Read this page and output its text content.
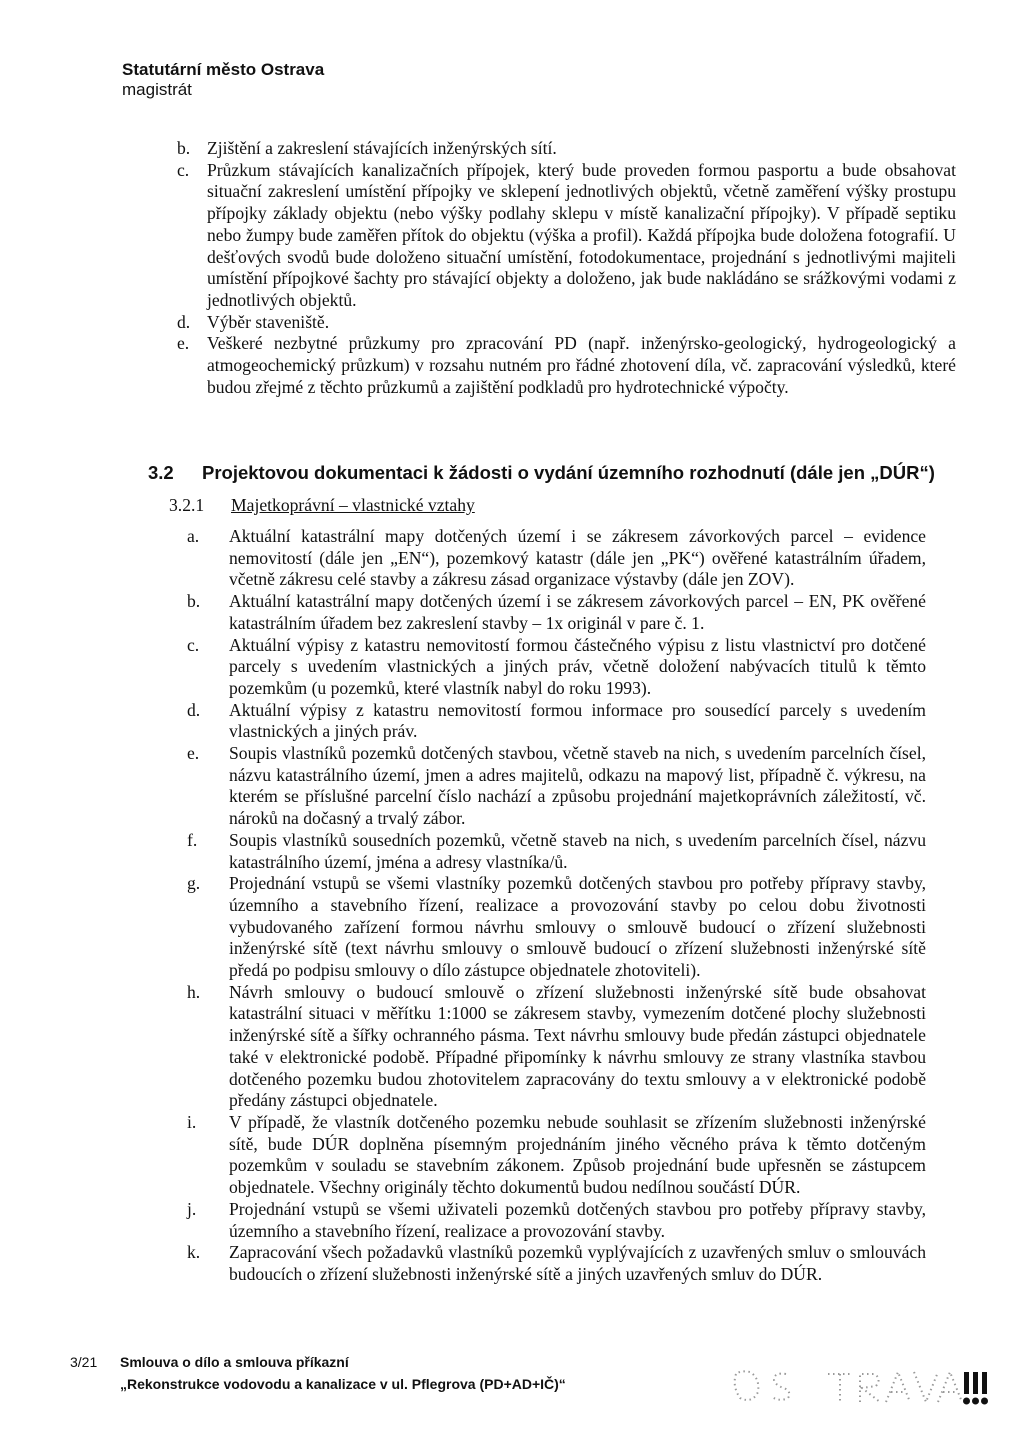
Statutární město Ostrava
magistrát
b. Zjištění a zakreslení stávajících inženýrských sítí.
c. Průzkum stávajících kanalizačních přípojek, který bude proveden formou pasportu a bude obsahovat situační zakreslení umístění přípojky ve sklepení jednotlivých objektů, včetně zaměření výšky prostupu přípojky základy objektu (nebo výšky podlahy sklepu v místě kanalizační přípojky). V případě septiku nebo žumpy bude zaměřen přítok do objektu (výška a profil). Každá přípojka bude doložena fotografií. U dešťových svodů bude doloženo situační umístění, fotodokumentace, projednání s jednotlivými majiteli umístění přípojkové šachty pro stávající objekty a doloženo, jak bude nakládáno se srážkovými vodami z jednotlivých objektů.
d. Výběr staveniště.
e. Veškeré nezbytné průzkumy pro zpracování PD (např. inženýrsko-geologický, hydrogeologický a atmogeochemický průzkum) v rozsahu nutném pro řádné zhotovení díla, vč. zapracování výsledků, které budou zřejmé z těchto průzkumů a zajištění podkladů pro hydrotechnické výpočty.
3.2 Projektovou dokumentaci k žádosti o vydání územního rozhodnutí (dále jen „DÚR“)
3.2.1 Majetkoprávní – vlastnické vztahy
a. Aktuální katastrální mapy dotčených území i se zákresem závorkových parcel – evidence nemovitostí (dále jen „EN“), pozemkový katastr (dále jen „PK“) ověřené katastrálním úřadem, včetně zákresu celé stavby a zákresu zásad organizace výstavby (dále jen ZOV).
b. Aktuální katastrální mapy dotčených území i se zákresem závorkových parcel – EN, PK ověřené katastrálním úřadem bez zakreslení stavby – 1x originál v pare č. 1.
c. Aktuální výpisy z katastru nemovitostí formou částečného výpisu z listu vlastnictví pro dotčené parcely s uvedením vlastnických a jiných práv, včetně doložení nabývacích titulů k těmto pozemkům (u pozemků, které vlastník nabyl do roku 1993).
d. Aktuální výpisy z katastru nemovitostí formou informace pro sousedící parcely s uvedením vlastnických a jiných práv.
e. Soupis vlastníků pozemků dotčených stavbou, včetně staveb na nich, s uvedením parcelních čísel, názvu katastrálního území, jmen a adres majitelů, odkazu na mapový list, případně č. výkresu, na kterém se příslušné parcelní číslo nachází a způsobu projednání majetkoprávních záležitostí, vč. nároků na dočasný a trvalý zábor.
f. Soupis vlastníků sousedních pozemků, včetně staveb na nich, s uvedením parcelních čísel, názvu katastrálního území, jména a adresy vlastníka/ů.
g. Projednání vstupů se všemi vlastníky pozemků dotčených stavbou pro potřeby přípravy stavby, územního a stavebního řízení, realizace a provozování stavby po celou dobu životnosti vybudovaného zařízení formou návrhu smlouvy o smlouvě budoucí o zřízení služebnosti inženýrské sítě (text návrhu smlouvy o smlouvě budoucí o zřízení služebnosti inženýrské sítě předá po podpisu smlouvy o dílo zástupce objednatele zhotoviteli).
h. Návrh smlouvy o budoucí smlouvě o zřízení služebnosti inženýrské sítě bude obsahovat katastrální situaci v měřítku 1:1000 se zákresem stavby, vymezením dotčené plochy služebnosti inženýrské sítě a šířky ochranného pásma. Text návrhu smlouvy bude předán zástupci objednatele také v elektronické podobě. Případné připomínky k návrhu smlouvy ze strany vlastníka stavbou dotčeného pozemku budou zhotovitelem zapracovány do textu smlouvy a v elektronické podobě předány zástupci objednatele.
i. V případě, že vlastník dotčeného pozemku nebude souhlasit se zřízením služebnosti inženýrské sítě, bude DÚR doplněna písemným projednáním jiného věcného práva k těmto dotčeným pozemkům v souladu se stavebním zákonem. Způsob projednání bude upřesněn se zástupcem objednatele. Všechny originály těchto dokumentů budou nedílnou součástí DÚR.
j. Projednání vstupů se všemi uživateli pozemků dotčených stavbou pro potřeby přípravy stavby, územního a stavebního řízení, realizace a provozování stavby.
k. Zapracování všech požadavků vlastníků pozemků vyplývajících z uzavřených smluv o smlouvách budoucích o zřízení služebnosti inženýrské sítě a jiných uzavřených smluv do DÚR.
3/21 Smlouva o dílo a smlouva příkazní
„Rekonstrukce vodovodu a kanalizace v ul. Pflegrova (PD+AD+IČ)“
